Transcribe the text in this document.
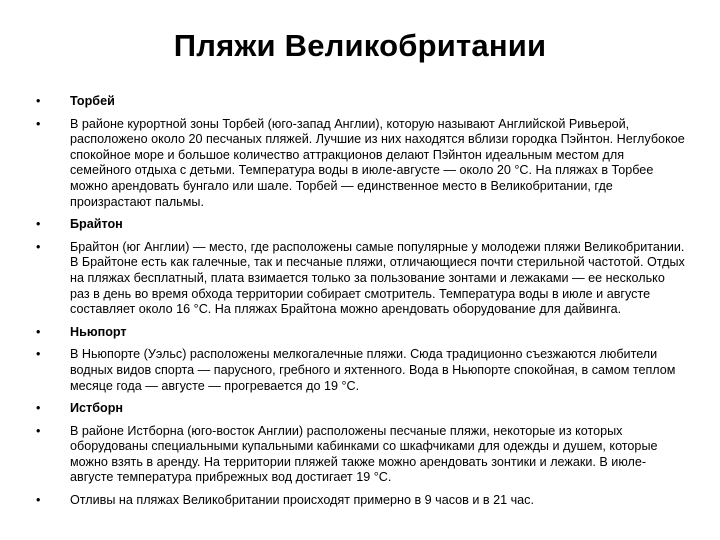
Пляжи Великобритании
•	Торбей
•	В районе курортной зоны Торбей (юго-запад Англии), которую называют Английской Ривьерой, расположено около 20 песчаных пляжей. Лучшие из них находятся вблизи городка Пэйнтон. Неглубокое спокойное море и большое количество аттракционов делают Пэйнтон идеальным местом для семейного отдыха с детьми. Температура воды в июле-августе — около 20 °С. На пляжах в Торбее можно арендовать бунгало или шале. Торбей — единственное место в Великобритании, где произрастают пальмы.
•	Брайтон
•	Брайтон (юг Англии) — место, где расположены самые популярные у молодежи пляжи Великобритании. В Брайтоне есть как галечные, так и песчаные пляжи, отличающиеся почти стерильной частотой. Отдых на пляжах бесплатный, плата взимается только за пользование зонтами и лежаками — ее несколько раз в день во время обхода территории собирает смотритель. Температура воды в июле и августе составляет около 16 °С. На пляжах Брайтона можно арендовать оборудование для дайвинга.
•	Ньюпорт
•	В Ньюпорте (Уэльс) расположены мелкогалечные пляжи. Сюда традиционно съезжаются любители водных видов спорта — парусного, гребного и яхтенного. Вода в Ньюпорте спокойная, в самом теплом месяце года — августе — прогревается до 19 °С.
•	Истборн
•	В районе Истборна (юго-восток Англии) расположены песчаные пляжи, некоторые из которых оборудованы специальными купальными кабинками со шкафчиками для одежды и душем, которые можно взять в аренду. На территории пляжей также можно арендовать зонтики и лежаки. В июле-августе температура прибрежных вод достигает 19 °С.
•	Отливы на пляжах Великобритании происходят примерно в 9 часов и в 21 час.
